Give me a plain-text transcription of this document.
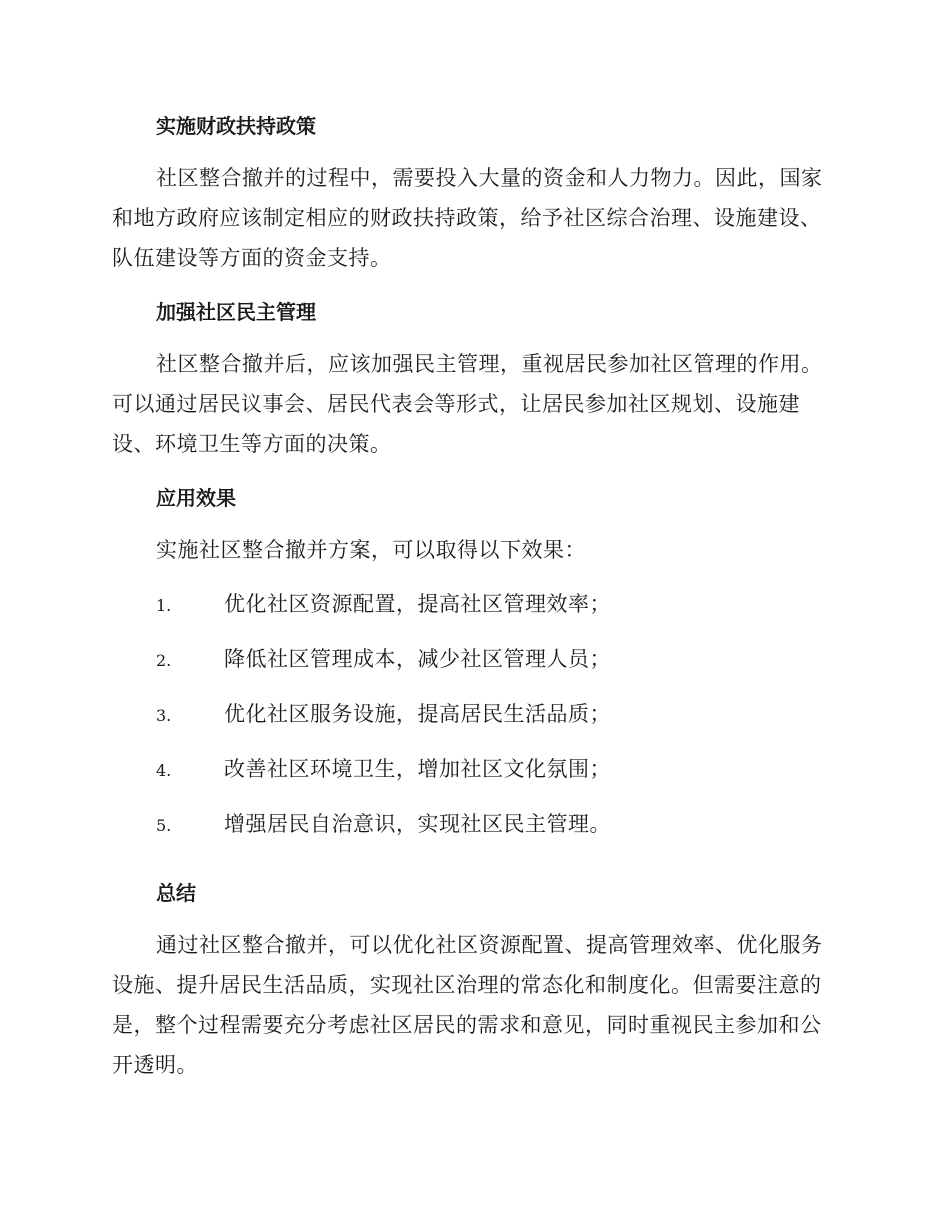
实施财政扶持政策

社区整合撤并的过程中，需要投入大量的资金和人力物力。因此，国家和地方政府应该制定相应的财政扶持政策，给予社区综合治理、设施建设、队伍建设等方面的资金支持。

加强社区民主管理

社区整合撤并后，应该加强民主管理，重视居民参加社区管理的作用。可以通过居民议事会、居民代表会等形式，让居民参加社区规划、设施建设、环境卫生等方面的决策。

应用效果

实施社区整合撤并方案，可以取得以下效果：

1.	优化社区资源配置，提高社区管理效率；
2.	降低社区管理成本，减少社区管理人员；
3.	优化社区服务设施，提高居民生活品质；
4.	改善社区环境卫生，增加社区文化氛围；
5.	增强居民自治意识，实现社区民主管理。
总结

通过社区整合撤并，可以优化社区资源配置、提高管理效率、优化服务设施、提升居民生活品质，实现社区治理的常态化和制度化。但需要注意的是，整个过程需要充分考虑社区居民的需求和意见，同时重视民主参加和公开透明。
